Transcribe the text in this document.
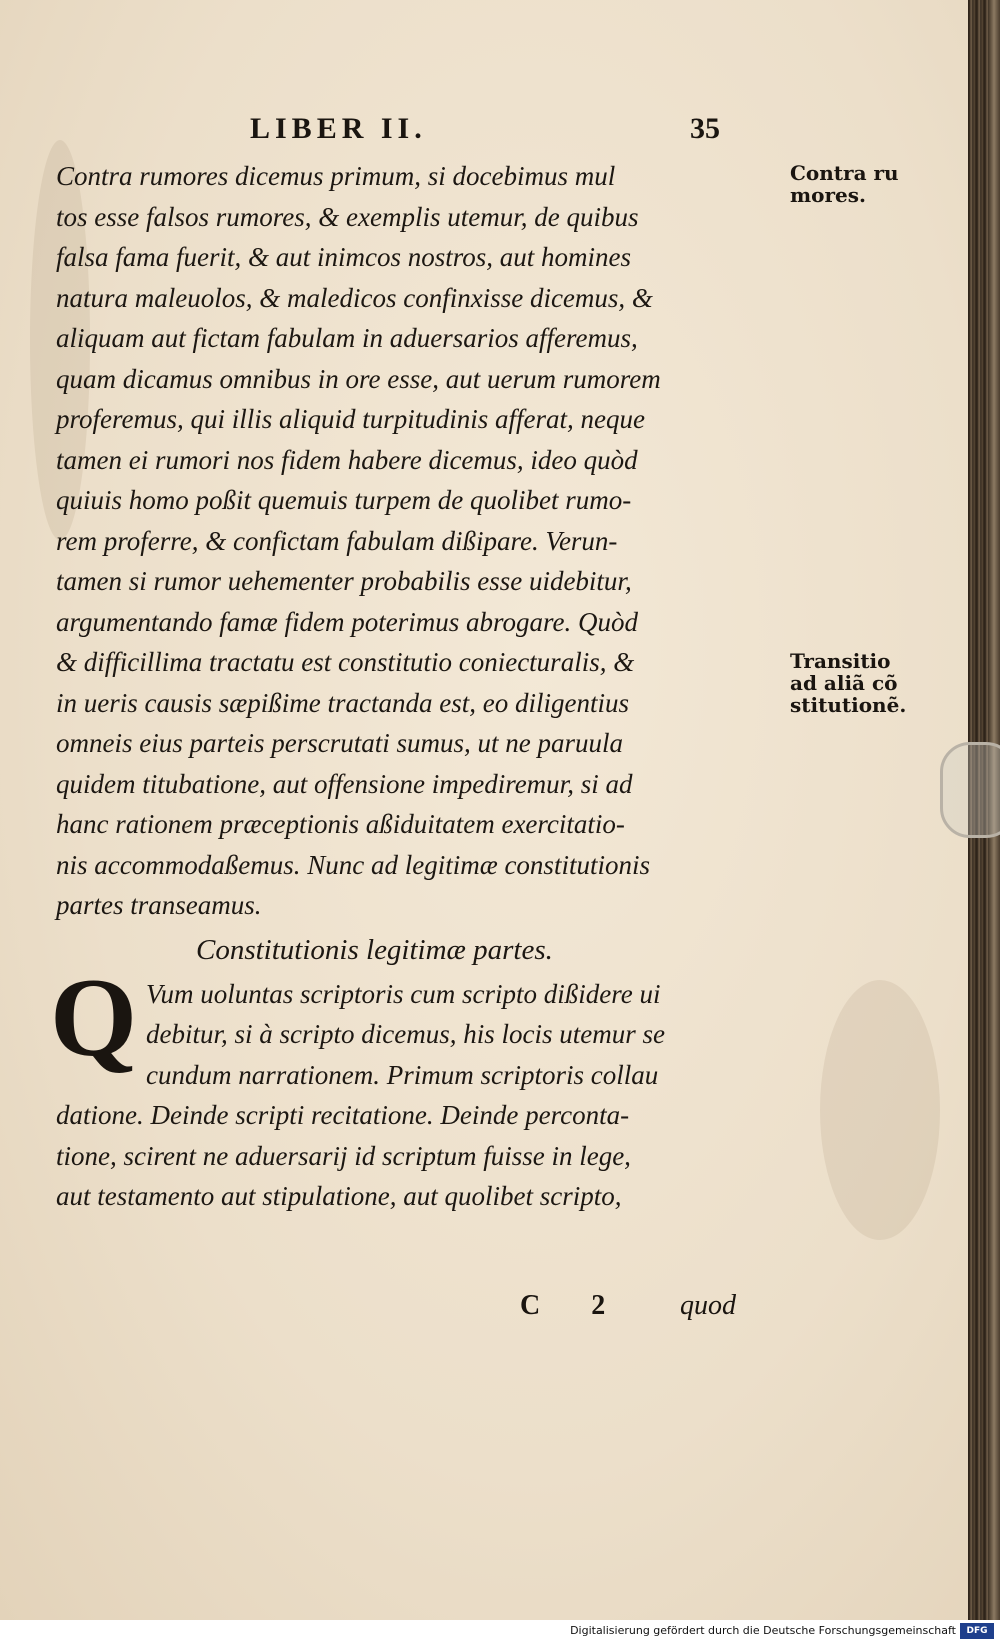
LIBER II.	35
Contra rumores dicemus primum, si docebimus mul
tos esse falsos rumores, & exemplis utemur, de quibus
falsa fama fuerit, & aut inimcos nostros, aut homines
natura maleuolos, & maledicos confinxisse dicemus, &
aliquam aut fictam fabulam in aduersarios afferemus,
quam dicamus omnibus in ore esse, aut uerum rumorem
proferemus, qui illis aliquid turpitudinis afferat, neque
tamen ei rumori nos fidem habere dicemus, ideo quòd
quiuis homo poßit quemuis turpem de quolibet rumo-
rem proferre, & confictam fabulam dißipare. Verun-
tamen si rumor uehementer probabilis esse uidebitur,
argumentando famæ fidem poterimus abrogare. Quòd
& difficillima tractatu est constitutio coniecturalis, &
in ueris causis sæpißime tractanda est, eo diligentius
omneis eius parteis perscrutati sumus, ut ne paruula
quidem titubatione, aut offensione impediremur, si ad
hanc rationem præceptionis aßiduitatem exercitatio-
nis accommodaßemus. Nunc ad legitimæ constitutionis
partes transeamus.
Constitutionis legitimæ partes.
Q Vum uoluntas scriptoris cum scripto dißidere ui
debitur, si à scripto dicemus, his locis utemur se
cundum narrationem. Primum scriptoris collau
datione. Deinde scripti recitatione. Deinde perconta-
tione, scirent ne aduersarij id scriptum fuisse in lege,
aut testamento aut stipulatione, aut quolibet scripto,
C 2 quod
Contra ru
mores.
Transitio
ad aliã cõ
stitutionẽ.
Digitalisierung gefördert durch die Deutsche Forschungsgemeinschaft	DFG
